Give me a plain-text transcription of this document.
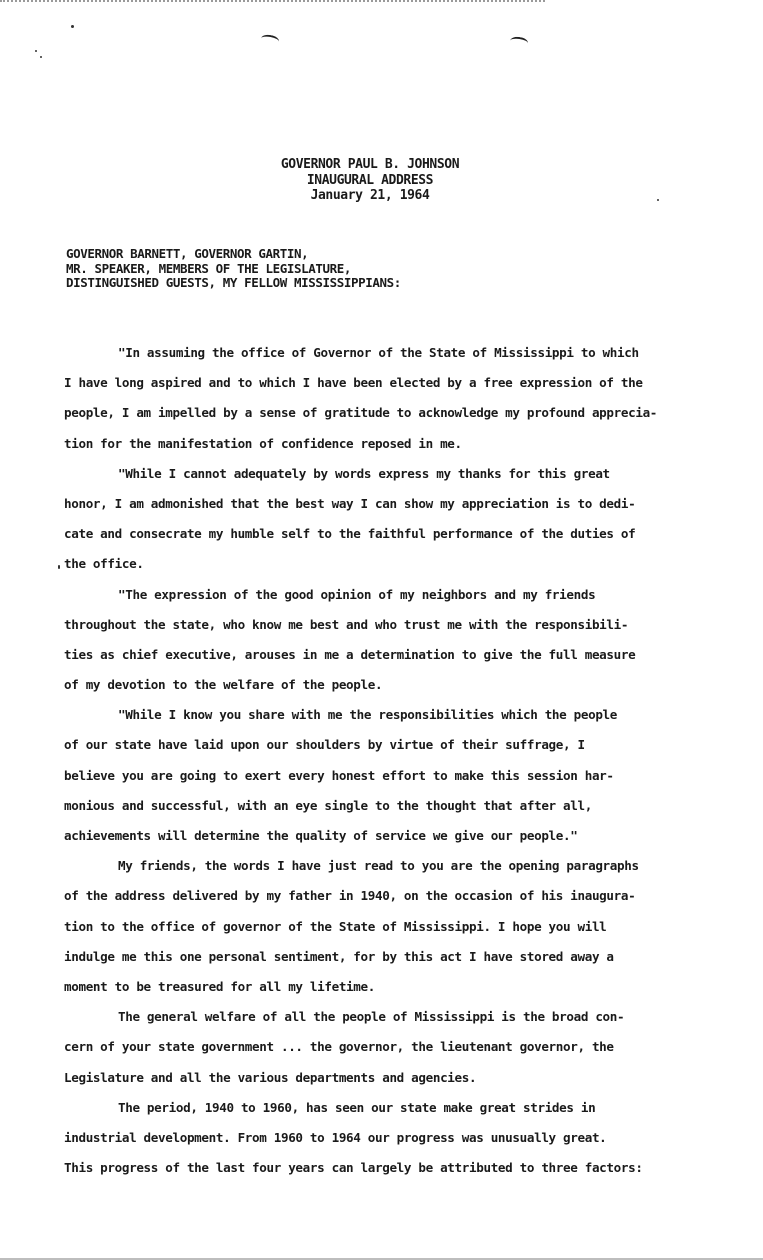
GOVERNOR PAUL B. JOHNSON
INAUGURAL ADDRESS
January 21, 1964
GOVERNOR BARNETT, GOVERNOR GARTIN,
MR. SPEAKER, MEMBERS OF THE LEGISLATURE,
DISTINGUISHED GUESTS, MY FELLOW MISSISSIPPIANS:
"In assuming the office of Governor of the State of Mississippi to which
I have long aspired and to which I have been elected by a free expression of the
people, I am impelled by a sense of gratitude to acknowledge my profound apprecia-
tion for the manifestation of confidence reposed in me.
"While I cannot adequately by words express my thanks for this great
honor, I am admonished that the best way I can show my appreciation is to dedi-
cate and consecrate my humble self to the faithful performance of the duties of
the office.
"The expression of the good opinion of my neighbors and my friends
throughout the state, who know me best and who trust me with the responsibili-
ties as chief executive, arouses in me a determination to give the full measure
of my devotion to the welfare of the people.
"While I know you share with me the responsibilities which the people
of our state have laid upon our shoulders by virtue of their suffrage, I
believe you are going to exert every honest effort to make this session har-
monious and successful, with an eye single to the thought that after all,
achievements will determine the quality of service we give our people."
My friends, the words I have just read to you are the opening paragraphs
of the address delivered by my father in 1940, on the occasion of his inaugura-
tion to the office of governor of the State of Mississippi. I hope you will
indulge me this one personal sentiment, for by this act I have stored away a
moment to be treasured for all my lifetime.
The general welfare of all the people of Mississippi is the broad con-
cern of your state government ... the governor, the lieutenant governor, the
Legislature and all the various departments and agencies.
The period, 1940 to 1960, has seen our state make great strides in
industrial development. From 1960 to 1964 our progress was unusually great.
This progress of the last four years can largely be attributed to three factors:
